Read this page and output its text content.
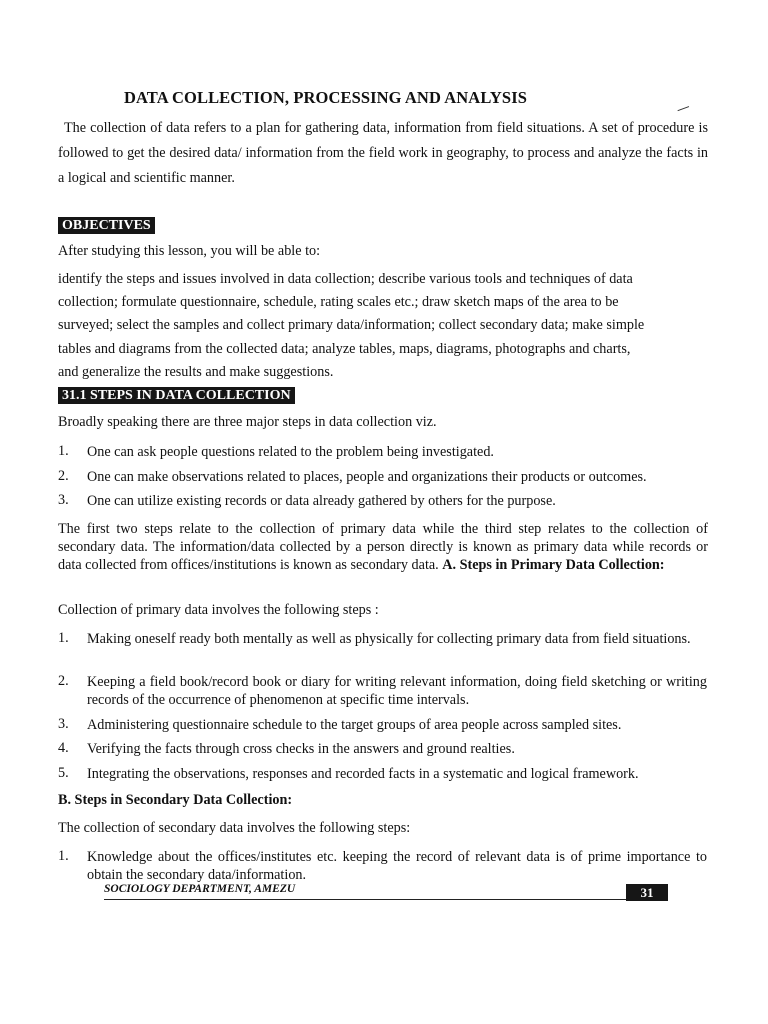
DATA COLLECTION, PROCESSING AND ANALYSIS
The collection of data refers to a plan for gathering data, information from field situations. A set of procedure is followed to get the desired data/ information from the field work in geography, to process and analyze the facts in a logical and scientific manner.
OBJECTIVES
After studying this lesson, you will be able to:
identify the steps and issues involved in data collection; describe various tools and techniques of data
collection; formulate questionnaire, schedule, rating scales etc.; draw sketch maps of the area to be
surveyed; select the samples and collect primary data/information; collect secondary data; make simple
tables and diagrams from the collected data; analyze tables, maps, diagrams, photographs and charts,
and generalize the results and make suggestions.
31.1 STEPS IN DATA COLLECTION
Broadly speaking there are three major steps in data collection viz.
1. One can ask people questions related to the problem being investigated.
2. One can make observations related to places, people and organizations their products or outcomes.
3. One can utilize existing records or data already gathered by others for the purpose.
The first two steps relate to the collection of primary data while the third step relates to the collection of secondary data. The information/data collected by a person directly is known as primary data while records or data collected from offices/institutions is known as secondary data. A. Steps in Primary Data Collection:
Collection of primary data involves the following steps :
1. Making oneself ready both mentally as well as physically for collecting primary data from field situations.
2. Keeping a field book/record book or diary for writing relevant information, doing field sketching or writing records of the occurrence of phenomenon at specific time intervals.
3. Administering questionnaire schedule to the target groups of area people across sampled sites.
4. Verifying the facts through cross checks in the answers and ground realties.
5. Integrating the observations, responses and recorded facts in a systematic and logical framework.
B. Steps in Secondary Data Collection:
The collection of secondary data involves the following steps:
1. Knowledge about the offices/institutes etc. keeping the record of relevant data is of prime importance to obtain the secondary data/information.
SOCIOLOGY DEPARTMENT, AMEZU	31
